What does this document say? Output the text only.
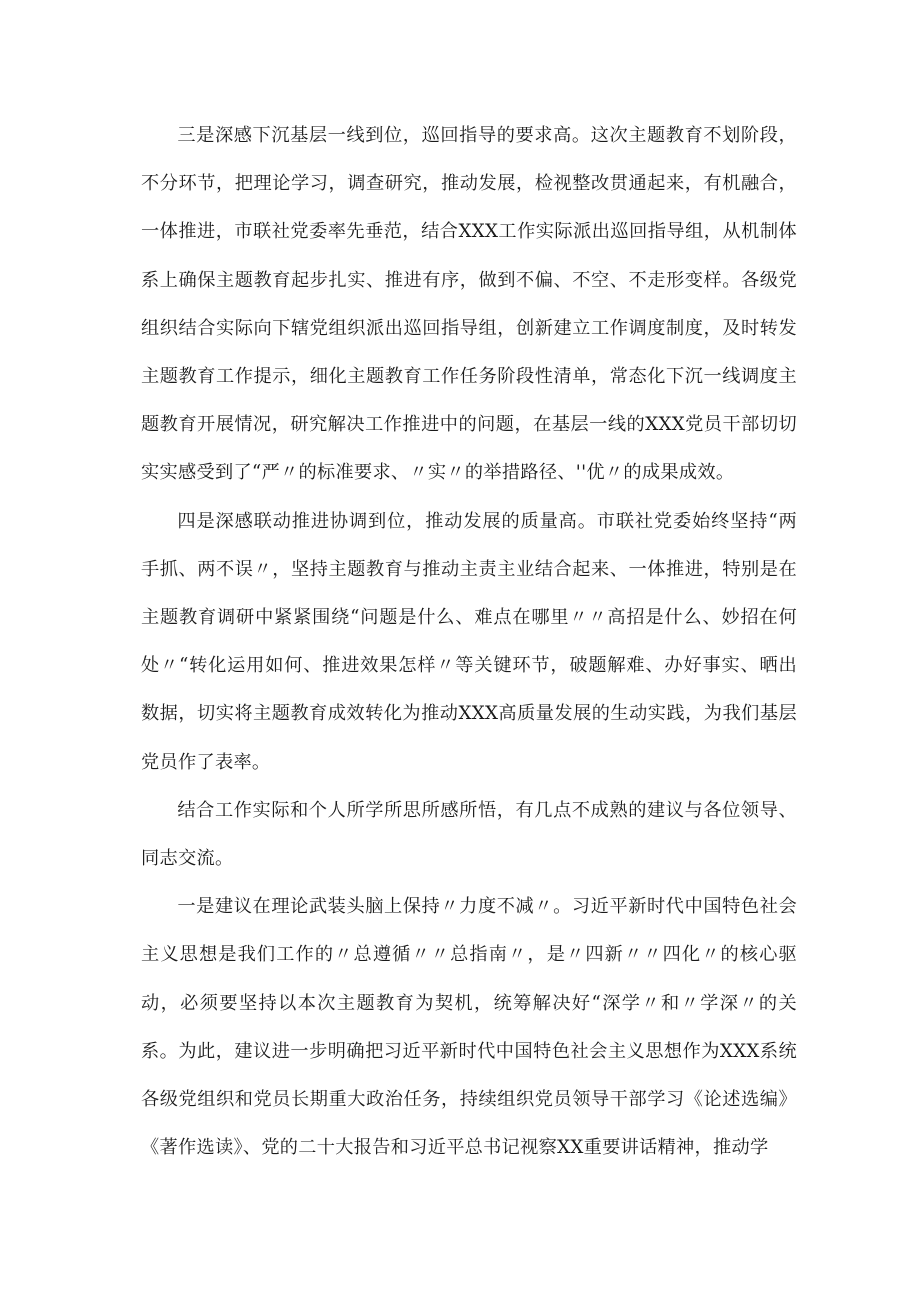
三是深感下沉基层一线到位，巡回指导的要求高。这次主题教育不划阶段，不分环节，把理论学习，调查研究，推动发展，检视整改贯通起来，有机融合，一体推进，市联社党委率先垂范，结合XXX工作实际派出巡回指导组，从机制体系上确保主题教育起步扎实、推进有序，做到不偏、不空、不走形变样。各级党组织结合实际向下辖党组织派出巡回指导组，创新建立工作调度制度，及时转发主题教育工作提示，细化主题教育工作任务阶段性清单，常态化下沉一线调度主题教育开展情况，研究解决工作推进中的问题，在基层一线的XXX党员干部切切实实感受到了“严〃的标准要求、〃实〃的举措路径、''优〃的成果成效。

四是深感联动推进协调到位，推动发展的质量高。市联社党委始终坚持“两手抓、两不误〃，坚持主题教育与推动主责主业结合起来、一体推进，特别是在主题教育调研中紧紧围绕“问题是什么、难点在哪里〃〃高招是什么、妙招在何处〃“转化运用如何、推进效果怎样〃等关键环节，破题解难、办好事实、晒出数据，切实将主题教育成效转化为推动XXX高质量发展的生动实践，为我们基层党员作了表率。

结合工作实际和个人所学所思所感所悟，有几点不成熟的建议与各位领导、同志交流。

一是建议在理论武装头脑上保持〃力度不减〃。习近平新时代中国特色社会主义思想是我们工作的〃总遵循〃〃总指南〃，是〃四新〃〃四化〃的核心驱动，必须要坚持以本次主题教育为契机，统筹解决好“深学〃和〃学深〃的关系。为此，建议进一步明确把习近平新时代中国特色社会主义思想作为XXX系统各级党组织和党员长期重大政治任务，持续组织党员领导干部学习《论述选编》《著作选读》、党的二十大报告和习近平总书记视察XX重要讲话精神，推动学
